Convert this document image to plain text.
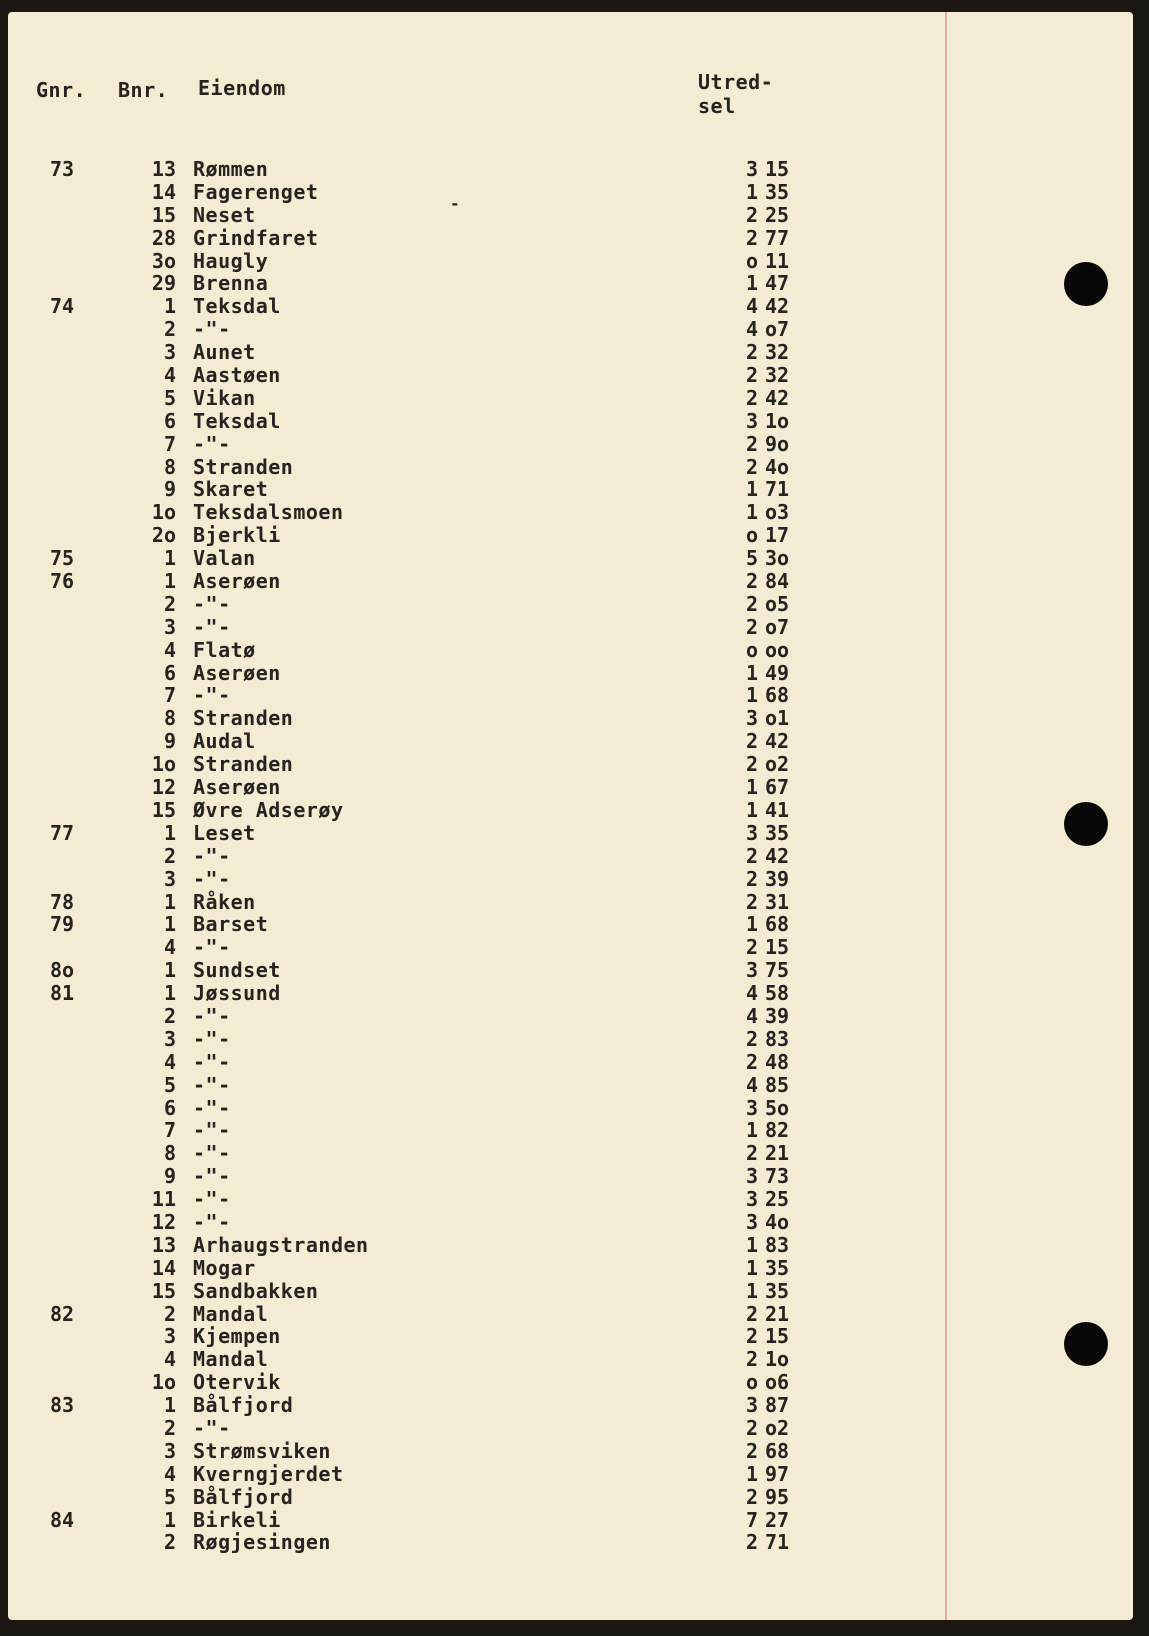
Gnr. Bnr. Eiendom	Utred-
sel
-
73	13 Rømmen	3 15
14 Fagerenget	1 35
15 Neset	2 25
28 Grindfaret	2 77
3o Haugly	o 11
29 Brenna	1 47
74	1 Teksdal	4 42
2 -"-	4 o7
3 Aunet	2 32
4 Aastøen	2 32
5 Vikan	2 42
6 Teksdal	3 1o
7 -"-	2 9o
8 Stranden	2 4o
9 Skaret	1 71
1o Teksdalsmoen	1 o3
2o Bjerkli	o 17
75	1 Valan	5 3o
76	1 Aserøen	2 84
2 -"-	2 o5
3 -"-	2 o7
4 Flatø	o oo
6 Aserøen	1 49
7 -"-	1 68
8 Stranden	3 o1
9 Audal	2 42
1o Stranden	2 o2
12 Aserøen	1 67
15 Øvre Adserøy	1 41
77	1 Leset	3 35
2 -"-	2 42
3 -"-	2 39
78	1 Råken	2 31
79	1 Barset	1 68
4 -"-	2 15
8o	1 Sundset	3 75
81	1 Jøssund	4 58
2 -"-	4 39
3 -"-	2 83
4 -"-	2 48
5 -"-	4 85
6 -"-	3 5o
7 -"-	1 82
8 -"-	2 21
9 -"-	3 73
11 -"-	3 25
12 -"-	3 4o
13 Arhaugstranden	1 83
14 Mogar	1 35
15 Sandbakken	1 35
82	2 Mandal	2 21
3 Kjempen	2 15
4 Mandal	2 1o
1o Otervik	o o6
83	1 Bålfjord	3 87
2 -"-	2 o2
3 Strømsviken	2 68
4 Kverngjerdet	1 97
5 Bålfjord	2 95
84	1 Birkeli	7 27
2 Røgjesingen	2 71
